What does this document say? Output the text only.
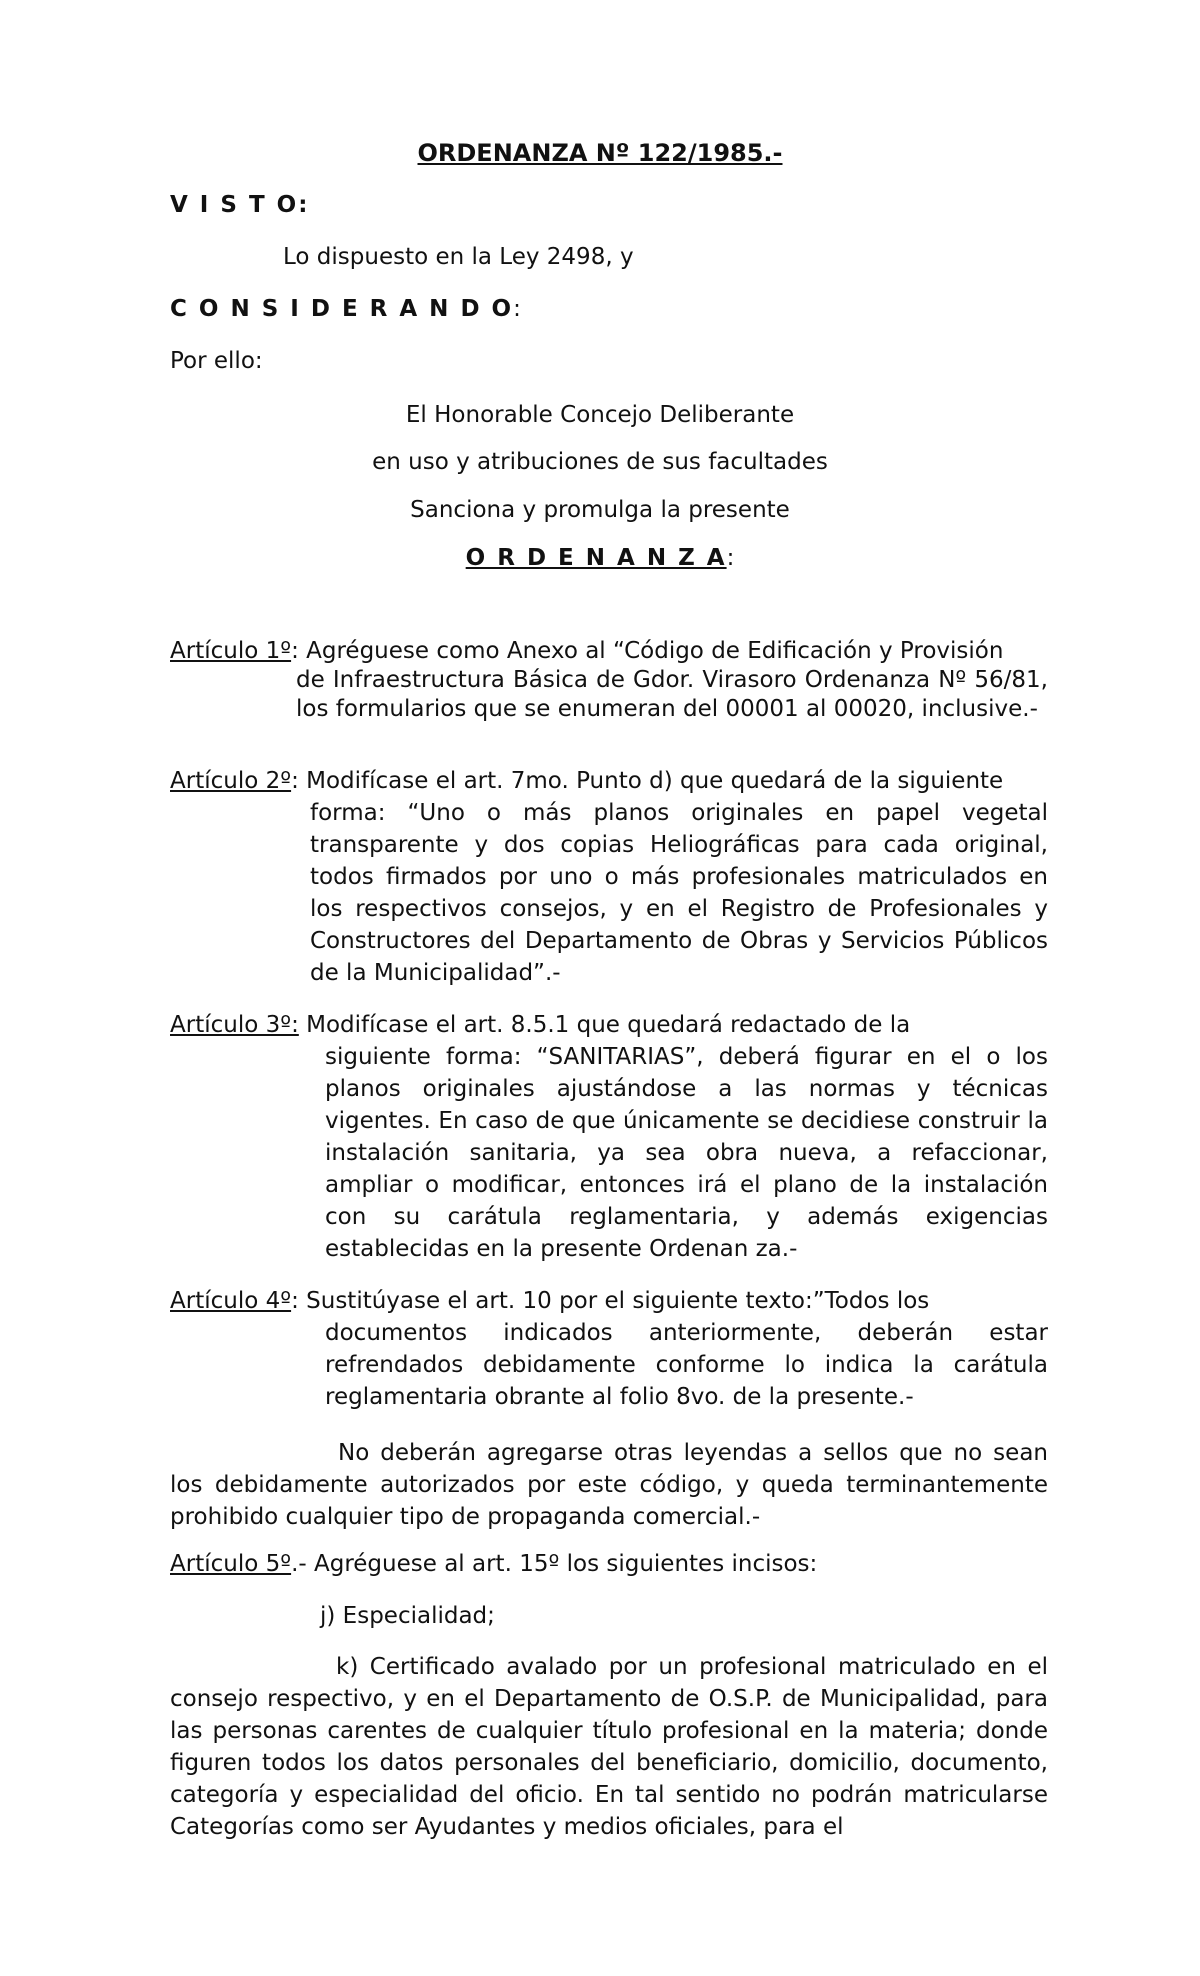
ORDENANZA Nº 122/1985.-

V I S T O:

Lo dispuesto en la Ley 2498, y

C O N S I D E R A N D O:

Por ello:

El Honorable Concejo Deliberante

en uso y atribuciones de sus facultades

Sanciona y promulga la presente

O R D E N A N Z A:

Artículo 1º: Agréguese como Anexo al “Código de Edificación y Provisión
de Infraestructura Básica de Gdor. Virasoro Ordenanza Nº 56/81, los formularios que se enumeran del 00001 al 00020, inclusive.-
Artículo 2º: Modifícase el art. 7mo. Punto d) que quedará de la siguiente
forma: “Uno o más planos originales en papel vegetal transparente y dos copias Heliográficas para cada original, todos firmados por uno o más profesionales matriculados en los respectivos consejos, y en el Registro de Profesionales y Constructores del Departamento de Obras y Servicios Públicos de la Municipalidad”.-
Artículo 3º: Modifícase el art. 8.5.1 que quedará redactado de la
siguiente forma: “SANITARIAS”, deberá figurar en el o los planos originales ajustándose a las normas y técnicas vigentes. En caso de que únicamente se decidiese construir la instalación sanitaria, ya sea obra nueva, a refaccionar, ampliar o modificar, entonces irá el plano de la instalación con su carátula reglamentaria, y además exigencias establecidas en la presente Ordenan za.-
Artículo 4º: Sustitúyase el art. 10 por el siguiente texto:”Todos los
documentos indicados anteriormente, deberán estar refrendados debidamente conforme lo indica la carátula reglamentaria obrante al folio 8vo. de la presente.-

No deberán agregarse otras leyendas a sellos que no sean los debidamente autorizados por este código, y queda terminantemente prohibido cualquier tipo de propaganda comercial.-

Artículo 5º.- Agréguese al art. 15º los siguientes incisos:

j) Especialidad;

k) Certificado avalado por un profesional matriculado en el consejo respectivo, y en el Departamento de O.S.P. de Municipalidad, para las personas carentes de cualquier título profesional en la materia; donde figuren todos los datos personales del beneficiario, domicilio, documento, categoría y especialidad del oficio. En tal sentido no podrán matricularse Categorías como ser Ayudantes y medios oficiales, para el
